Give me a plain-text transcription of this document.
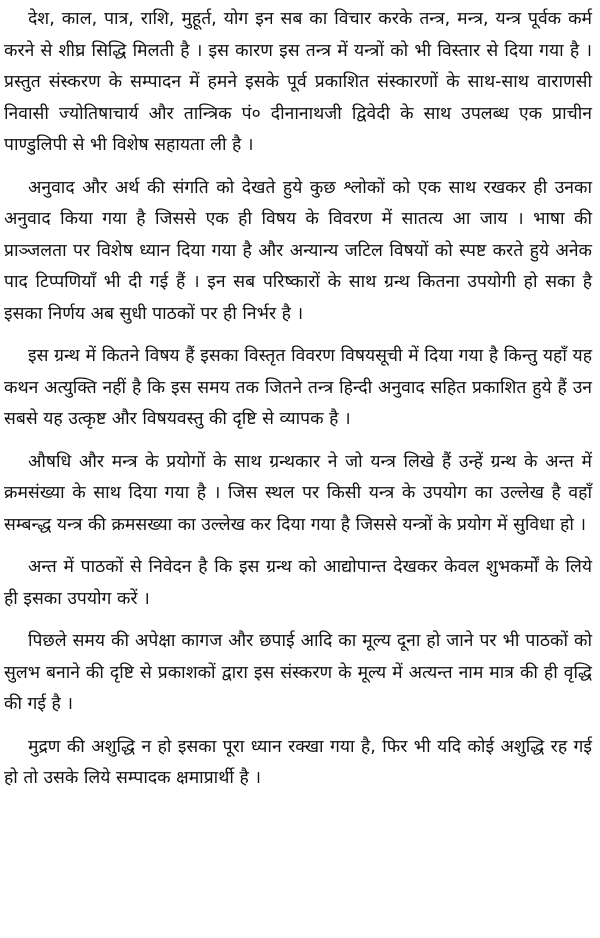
देश, काल, पात्र, राशि, मुहूर्त, योग इन सब का विचार करके तन्त्र, मन्त्र, यन्त्र पूर्वक कर्म करने से शीघ्र सिद्धि मिलती है । इस कारण इस तन्त्र में यन्त्रों को भी विस्तार से दिया गया है । प्रस्तुत संस्करण के सम्पादन में हमने इसके पूर्व प्रकाशित संस्कारणों के साथ-साथ वाराणसी निवासी ज्योतिषाचार्य और तान्त्रिक पं० दीनानाथजी द्विवेदी के साथ उपलब्ध एक प्राचीन पाण्डुलिपी से भी विशेष सहायता ली है ।

अनुवाद और अर्थ की संगति को देखते हुये कुछ श्लोकों को एक साथ रखकर ही उनका अनुवाद किया गया है जिससे एक ही विषय के विवरण में सातत्य आ जाय । भाषा की प्राञ्जलता पर विशेष ध्यान दिया गया है और अन्यान्य जटिल विषयों को स्पष्ट करते हुये अनेक पाद टिप्पणियाँ भी दी गई हैं । इन सब परिष्कारों के साथ ग्रन्थ कितना उपयोगी हो सका है इसका निर्णय अब सुधी पाठकों पर ही निर्भर है ।

इस ग्रन्थ में कितने विषय हैं इसका विस्तृत विवरण विषयसूची में दिया गया है किन्तु यहाँ यह कथन अत्युक्ति नहीं है कि इस समय तक जितने तन्त्र हिन्दी अनुवाद सहित प्रकाशित हुये हैं उन सबसे यह उत्कृष्ट और विषयवस्तु की दृष्टि से व्यापक है ।

औषधि और मन्त्र के प्रयोगों के साथ ग्रन्थकार ने जो यन्त्र लिखे हैं उन्हें ग्रन्थ के अन्त में क्रमसंख्या के साथ दिया गया है । जिस स्थल पर किसी यन्त्र के उपयोग का उल्लेख है वहाँ सम्बन्द्ध यन्त्र की क्रमसख्या का उल्लेख कर दिया गया है जिससे यन्त्रों के प्रयोग में सुविधा हो ।

अन्त में पाठकों से निवेदन है कि इस ग्रन्थ को आद्योपान्त देखकर केवल शुभकर्मों के लिये ही इसका उपयोग करें ।

पिछले समय की अपेक्षा कागज और छपाई आदि का मूल्य दूना हो जाने पर भी पाठकों को सुलभ बनाने की दृष्टि से प्रकाशकों द्वारा इस संस्करण के मूल्य में अत्यन्त नाम मात्र की ही वृद्धि की गई है ।

मुद्रण की अशुद्धि न हो इसका पूरा ध्यान रक्खा गया है, फिर भी यदि कोई अशुद्धि रह गई हो तो उसके लिये सम्पादक क्षमाप्रार्थी है ।
